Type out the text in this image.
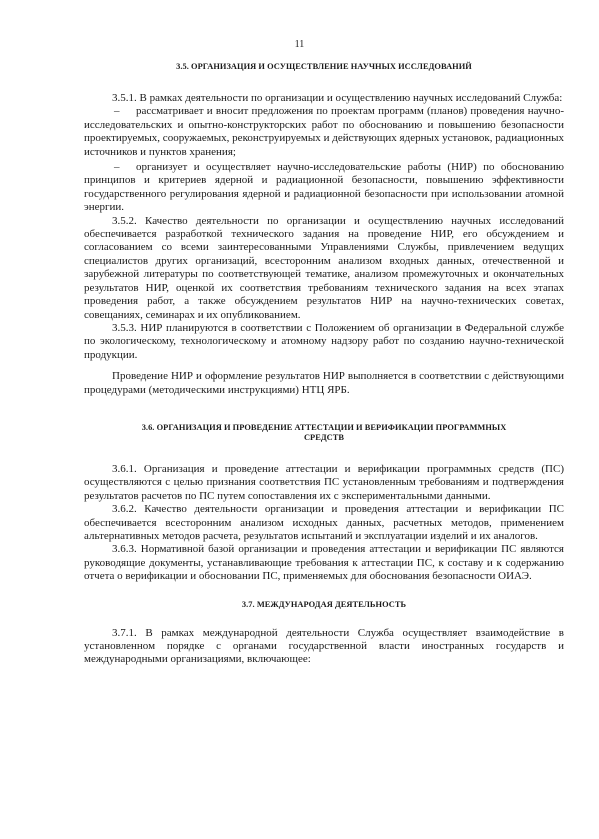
11
3.5. ОРГАНИЗАЦИЯ И ОСУЩЕСТВЛЕНИЕ НАУЧНЫХ ИССЛЕДОВАНИЙ

3.5.1. В рамках деятельности по организации и осуществлению научных исследований Служба:

– рассматривает и вносит предложения по проектам программ (планов) проведения научно-исследовательских и опытно-конструкторских работ по обоснованию и повышению безопасности проектируемых, сооружаемых, реконструируемых и действующих ядерных установок, радиационных источников и пунктов хранения;

– организует и осуществляет научно-исследовательские работы (НИР) по обоснованию принципов и критериев ядерной и радиационной безопасности, повышению эффективности государственного регулирования ядерной и радиационной безопасности при использовании атомной энергии.

3.5.2. Качество деятельности по организации и осуществлению научных исследований обеспечивается разработкой технического задания на проведение НИР, его обсуждением и согласованием со всеми заинтересованными Управлениями Службы, привлечением ведущих специалистов других организаций, всесторонним анализом входных данных, отечественной и зарубежной литературы по соответствующей тематике, анализом промежуточных и окончательных результатов НИР, оценкой их соответствия требованиям технического задания на всех этапах проведения работ, а также обсуждением результатов НИР на научно-технических советах, совещаниях, семинарах и их опубликованием.

3.5.3. НИР планируются в соответствии с Положением об организации в Федеральной службе по экологическому, технологическому и атомному надзору работ по созданию научно-технической продукции.

Проведение НИР и оформление результатов НИР выполняется в соответствии с действующими процедурами (методическими инструкциями) НТЦ ЯРБ.

3.6. ОРГАНИЗАЦИЯ И ПРОВЕДЕНИЕ АТТЕСТАЦИИ И ВЕРИФИКАЦИИ ПРОГРАММНЫХ
СРЕДСТВ

3.6.1. Организация и проведение аттестации и верификации программных средств (ПС) осуществляются с целью признания соответствия ПС установленным требованиям и подтверждения результатов расчетов по ПС путем сопоставления их с экспериментальными данными.

3.6.2. Качество деятельности организации и проведения аттестации и верификации ПС обеспечивается всесторонним анализом исходных данных, расчетных методов, применением альтернативных методов расчета, результатов испытаний и эксплуатации изделий и их аналогов.

3.6.3. Нормативной базой организации и проведения аттестации и верификации ПС являются руководящие документы, устанавливающие требования к аттестации ПС, к составу и к содержанию отчета о верификации и обосновании ПС, применяемых для обоснования безопасности ОИАЭ.

3.7. МЕЖДУНАРОДАЯ ДЕЯТЕЛЬНОСТЬ

3.7.1. В рамках международной деятельности Служба осуществляет взаимодействие в установленном порядке с органами государственной власти иностранных государств и международными организациями, включающее:
